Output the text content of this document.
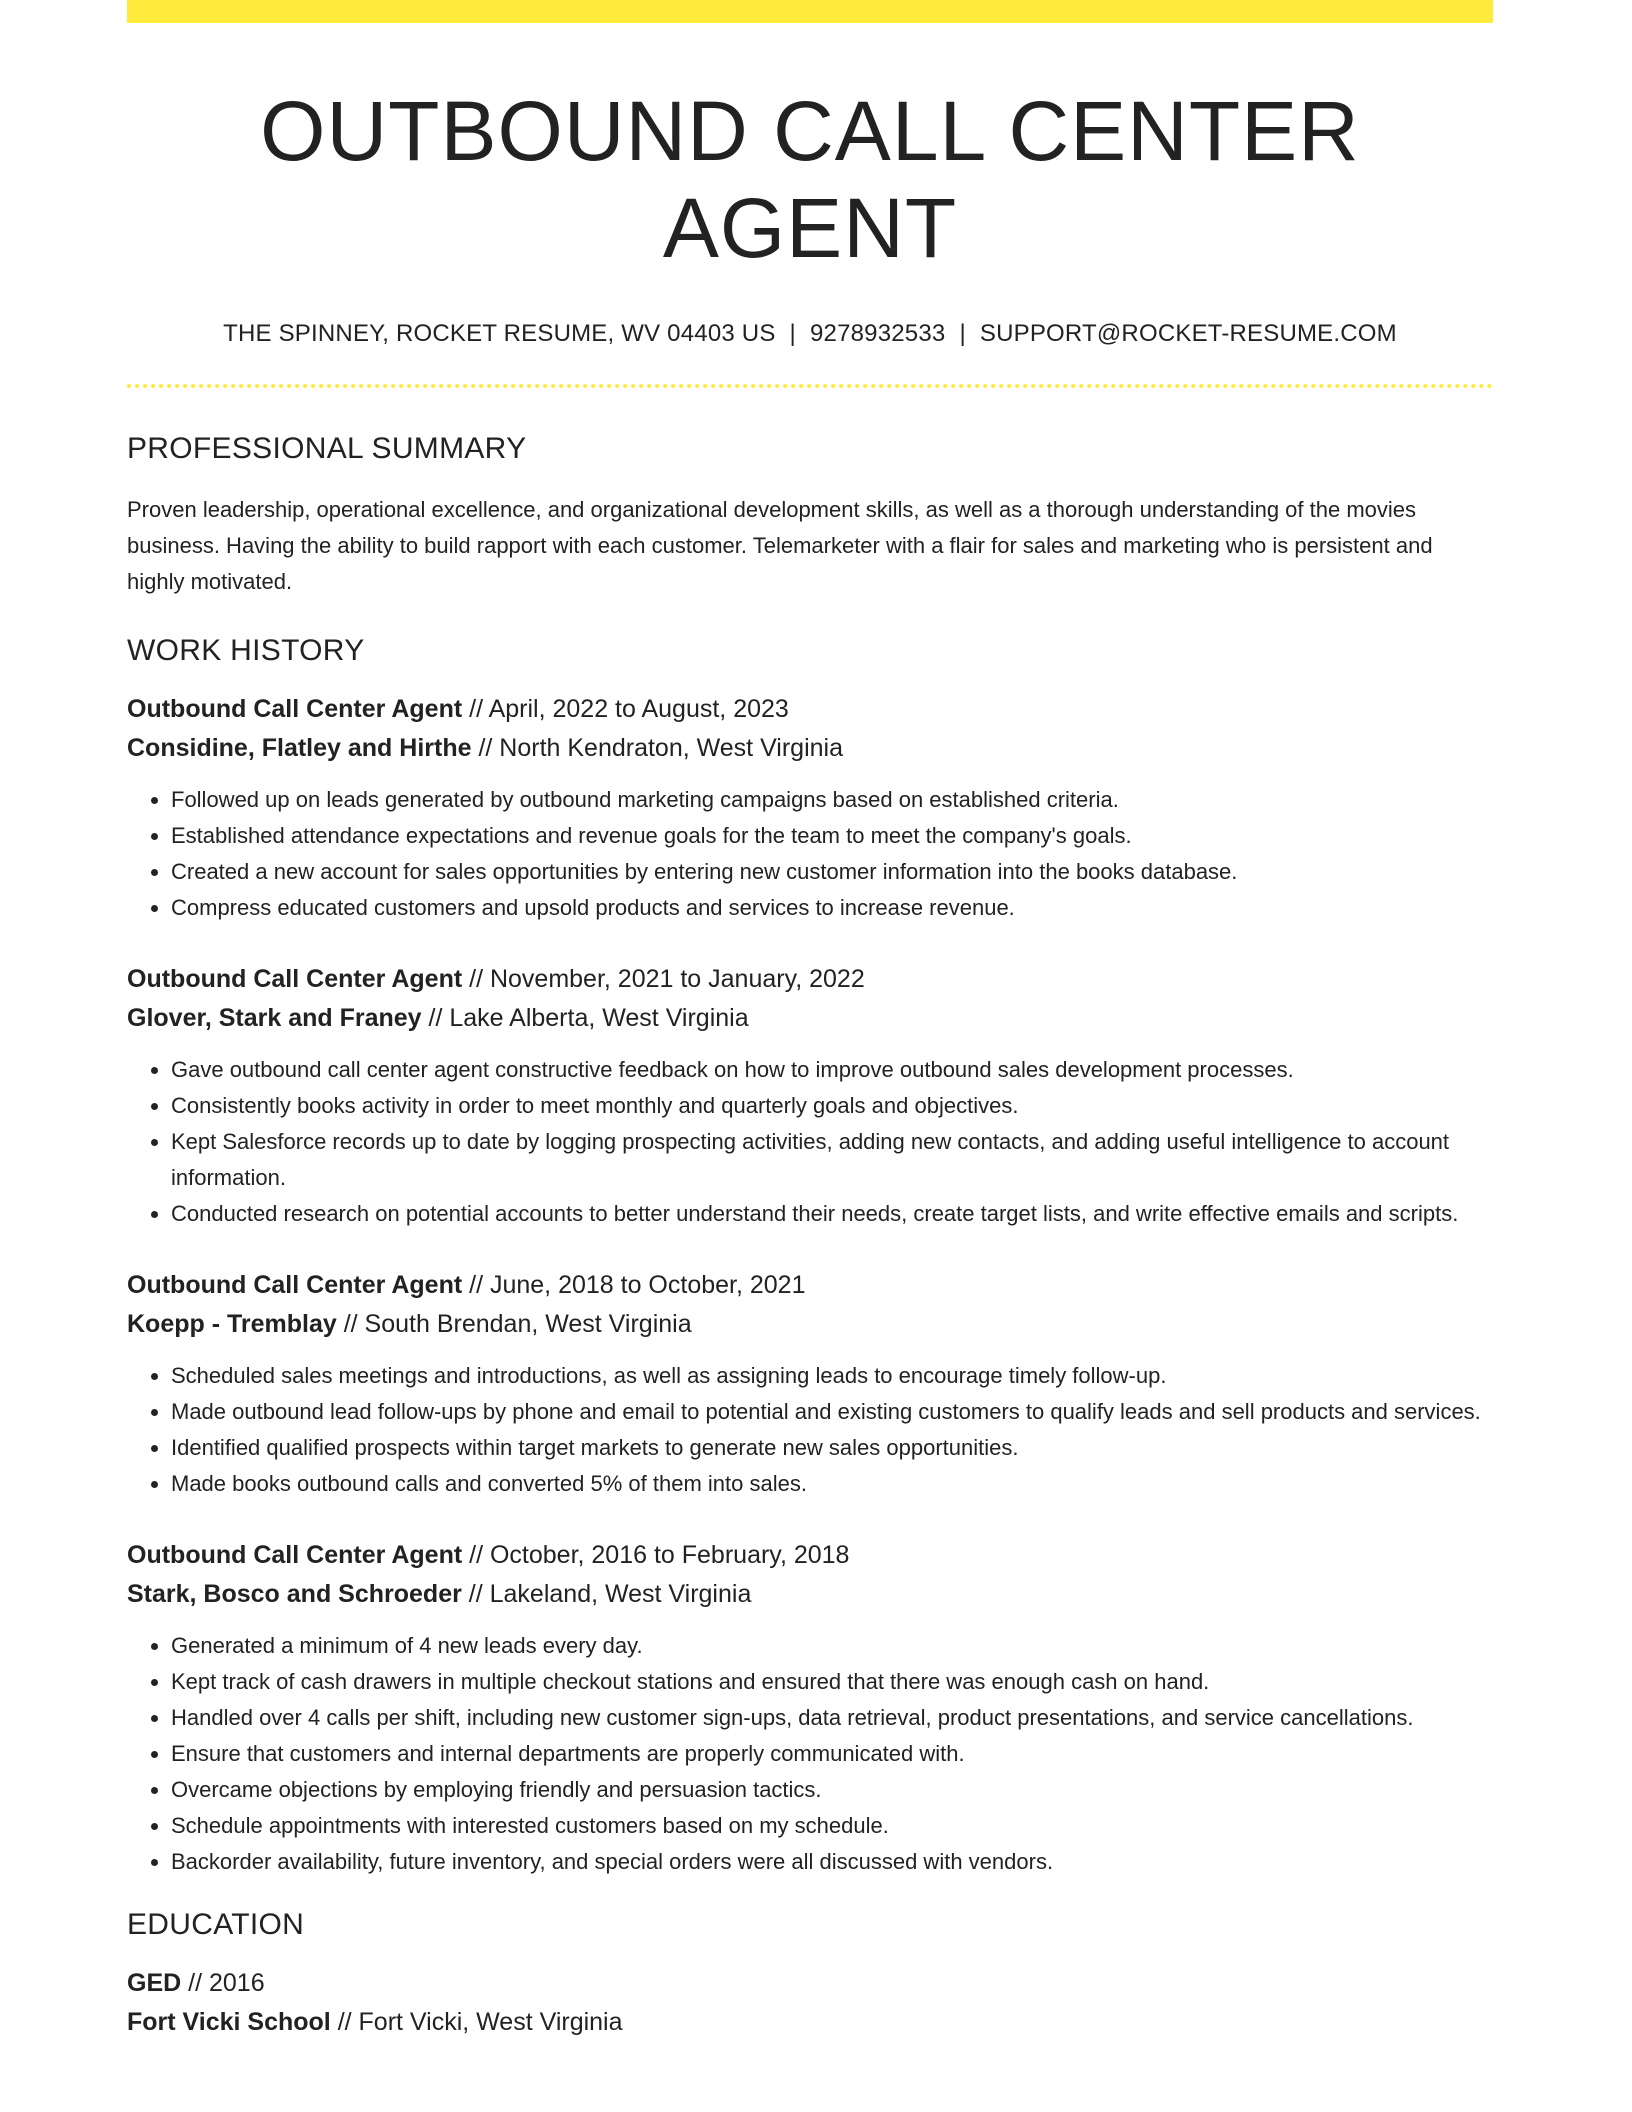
OUTBOUND CALL CENTER AGENT
THE SPINNEY, ROCKET RESUME, WV 04403 US | 9278932533 | SUPPORT@ROCKET-RESUME.COM
PROFESSIONAL SUMMARY
Proven leadership, operational excellence, and organizational development skills, as well as a thorough understanding of the movies business. Having the ability to build rapport with each customer. Telemarketer with a flair for sales and marketing who is persistent and highly motivated.
WORK HISTORY
Outbound Call Center Agent // April, 2022 to August, 2023
Considine, Flatley and Hirthe // North Kendraton, West Virginia
• Followed up on leads generated by outbound marketing campaigns based on established criteria.
• Established attendance expectations and revenue goals for the team to meet the company's goals.
• Created a new account for sales opportunities by entering new customer information into the books database.
• Compress educated customers and upsold products and services to increase revenue.
Outbound Call Center Agent // November, 2021 to January, 2022
Glover, Stark and Franey // Lake Alberta, West Virginia
• Gave outbound call center agent constructive feedback on how to improve outbound sales development processes.
• Consistently books activity in order to meet monthly and quarterly goals and objectives.
• Kept Salesforce records up to date by logging prospecting activities, adding new contacts, and adding useful intelligence to account information.
• Conducted research on potential accounts to better understand their needs, create target lists, and write effective emails and scripts.
Outbound Call Center Agent // June, 2018 to October, 2021
Koepp - Tremblay // South Brendan, West Virginia
• Scheduled sales meetings and introductions, as well as assigning leads to encourage timely follow-up.
• Made outbound lead follow-ups by phone and email to potential and existing customers to qualify leads and sell products and services.
• Identified qualified prospects within target markets to generate new sales opportunities.
• Made books outbound calls and converted 5% of them into sales.
Outbound Call Center Agent // October, 2016 to February, 2018
Stark, Bosco and Schroeder // Lakeland, West Virginia
• Generated a minimum of 4 new leads every day.
• Kept track of cash drawers in multiple checkout stations and ensured that there was enough cash on hand.
• Handled over 4 calls per shift, including new customer sign-ups, data retrieval, product presentations, and service cancellations.
• Ensure that customers and internal departments are properly communicated with.
• Overcame objections by employing friendly and persuasion tactics.
• Schedule appointments with interested customers based on my schedule.
• Backorder availability, future inventory, and special orders were all discussed with vendors.
EDUCATION
GED // 2016
Fort Vicki School // Fort Vicki, West Virginia
